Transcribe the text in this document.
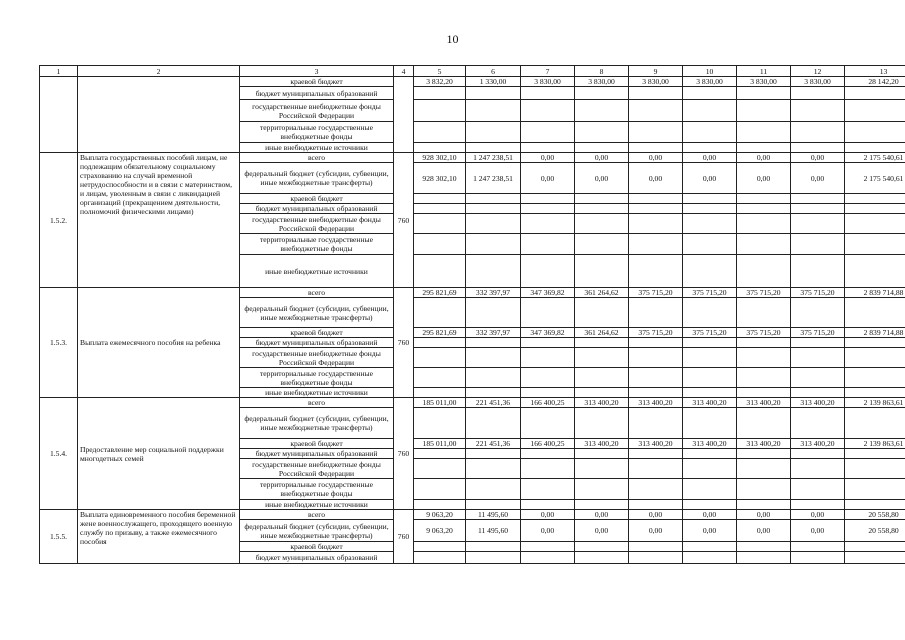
10
1	2	3	4	5	6	7	8	9	10	11	12	13
		краевой бюджет		3 832,20	1 330,00	3 830,00	3 830,00	3 830,00	3 830,00	3 830,00	3 830,00	28 142,20
		бюджет муниципальных образований										
		государственные внебюджетные фонды Российской Федерации										
		территориальные государственные внебюджетные фонды										
		иные внебюджетные источники										
1.5.2.	Выплата государственных пособий лицам, не подлежащим обязательному социальному страхованию на случай временной нетрудоспособности и в связи с материнством, и лицам, уволенным в связи с ликвидацией организаций (прекращением деятельности, полномочий физическими лицами)	всего	760	928 302,10	1 247 238,51	0,00	0,00	0,00	0,00	0,00	0,00	2 175 540,61
		федеральный бюджет (субсидии, субвенции, иные межбюджетные трансферты)		928 302,10	1 247 238,51	0,00	0,00	0,00	0,00	0,00	0,00	2 175 540,61
		краевой бюджет										
		бюджет муниципальных образований										
		государственные внебюджетные фонды Российской Федерации										
		территориальные государственные внебюджетные фонды										
		иные внебюджетные источники										
1.5.3.	Выплата ежемесячного пособия на ребенка	всего	760	295 821,69	332 397,97	347 369,82	361 264,62	375 715,20	375 715,20	375 715,20	375 715,20	2 839 714,88
		федеральный бюджет (субсидии, субвенции, иные межбюджетные трансферты)										
		краевой бюджет		295 821,69	332 397,97	347 369,82	361 264,62	375 715,20	375 715,20	375 715,20	375 715,20	2 839 714,88
		бюджет муниципальных образований										
		государственные внебюджетные фонды Российской Федерации										
		территориальные государственные внебюджетные фонды										
		иные внебюджетные источники										
1.5.4.	Предоставление мер социальной поддержки многодетных семей	всего	760	185 011,00	221 451,36	166 400,25	313 400,20	313 400,20	313 400,20	313 400,20	313 400,20	2 139 863,61
		федеральный бюджет (субсидии, субвенции, иные межбюджетные трансферты)										
		краевой бюджет		185 011,00	221 451,36	166 400,25	313 400,20	313 400,20	313 400,20	313 400,20	313 400,20	2 139 863,61
		бюджет муниципальных образований										
		государственные внебюджетные фонды Российской Федерации										
		территориальные государственные внебюджетные фонды										
		иные внебюджетные источники										
1.5.5.	Выплата единовременного пособия беременной жене военнослужащего, проходящего военную службу по призыву, а также ежемесячного пособия	всего	760	9 063,20	11 495,60	0,00	0,00	0,00	0,00	0,00	0,00	20 558,80
		федеральный бюджет (субсидии, субвенции, иные межбюджетные трансферты)		9 063,20	11 495,60	0,00	0,00	0,00	0,00	0,00	0,00	20 558,80
		краевой бюджет										
		бюджет муниципальных образований										
